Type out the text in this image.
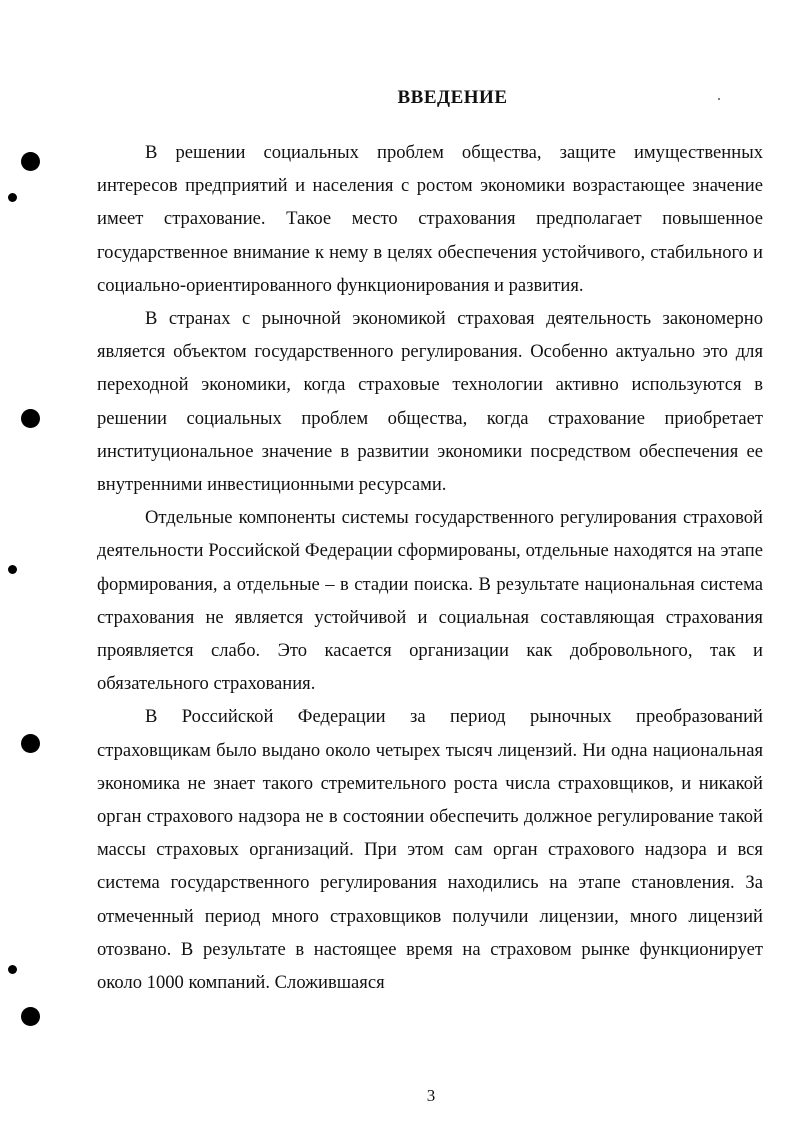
ВВЕДЕНИЕ

В решении социальных проблем общества, защите имущественных интересов предприятий и населения с ростом экономики возрастающее значение имеет страхование. Такое место страхования предполагает повышенное государственное внимание к нему в целях обеспечения устойчивого, стабильного и социально-ориентированного функционирования и развития.

В странах с рыночной экономикой страховая деятельность закономерно является объектом государственного регулирования. Особенно актуально это для переходной экономики, когда страховые технологии активно используются в решении социальных проблем общества, когда страхование приобретает институциональное значение в развитии экономики посредством обеспечения ее внутренними инвестиционными ресурсами.

Отдельные компоненты системы государственного регулирования страховой деятельности Российской Федерации сформированы, отдельные находятся на этапе формирования, а отдельные – в стадии поиска. В результате национальная система страхования не является устойчивой и социальная составляющая страхования проявляется слабо. Это касается организации как добровольного, так и обязательного страхования.

В Российской Федерации за период рыночных преобразований страховщикам было выдано около четырех тысяч лицензий. Ни одна национальная экономика не знает такого стремительного роста числа страховщиков, и никакой орган страхового надзора не в состоянии обеспечить должное регулирование такой массы страховых организаций. При этом сам орган страхового надзора и вся система государственного регулирования находились на этапе становления. За отмеченный период много страховщиков получили лицензии, много лицензий отозвано. В результате в настоящее время на страховом рынке функционирует около 1000 компаний. Сложившаяся

3
